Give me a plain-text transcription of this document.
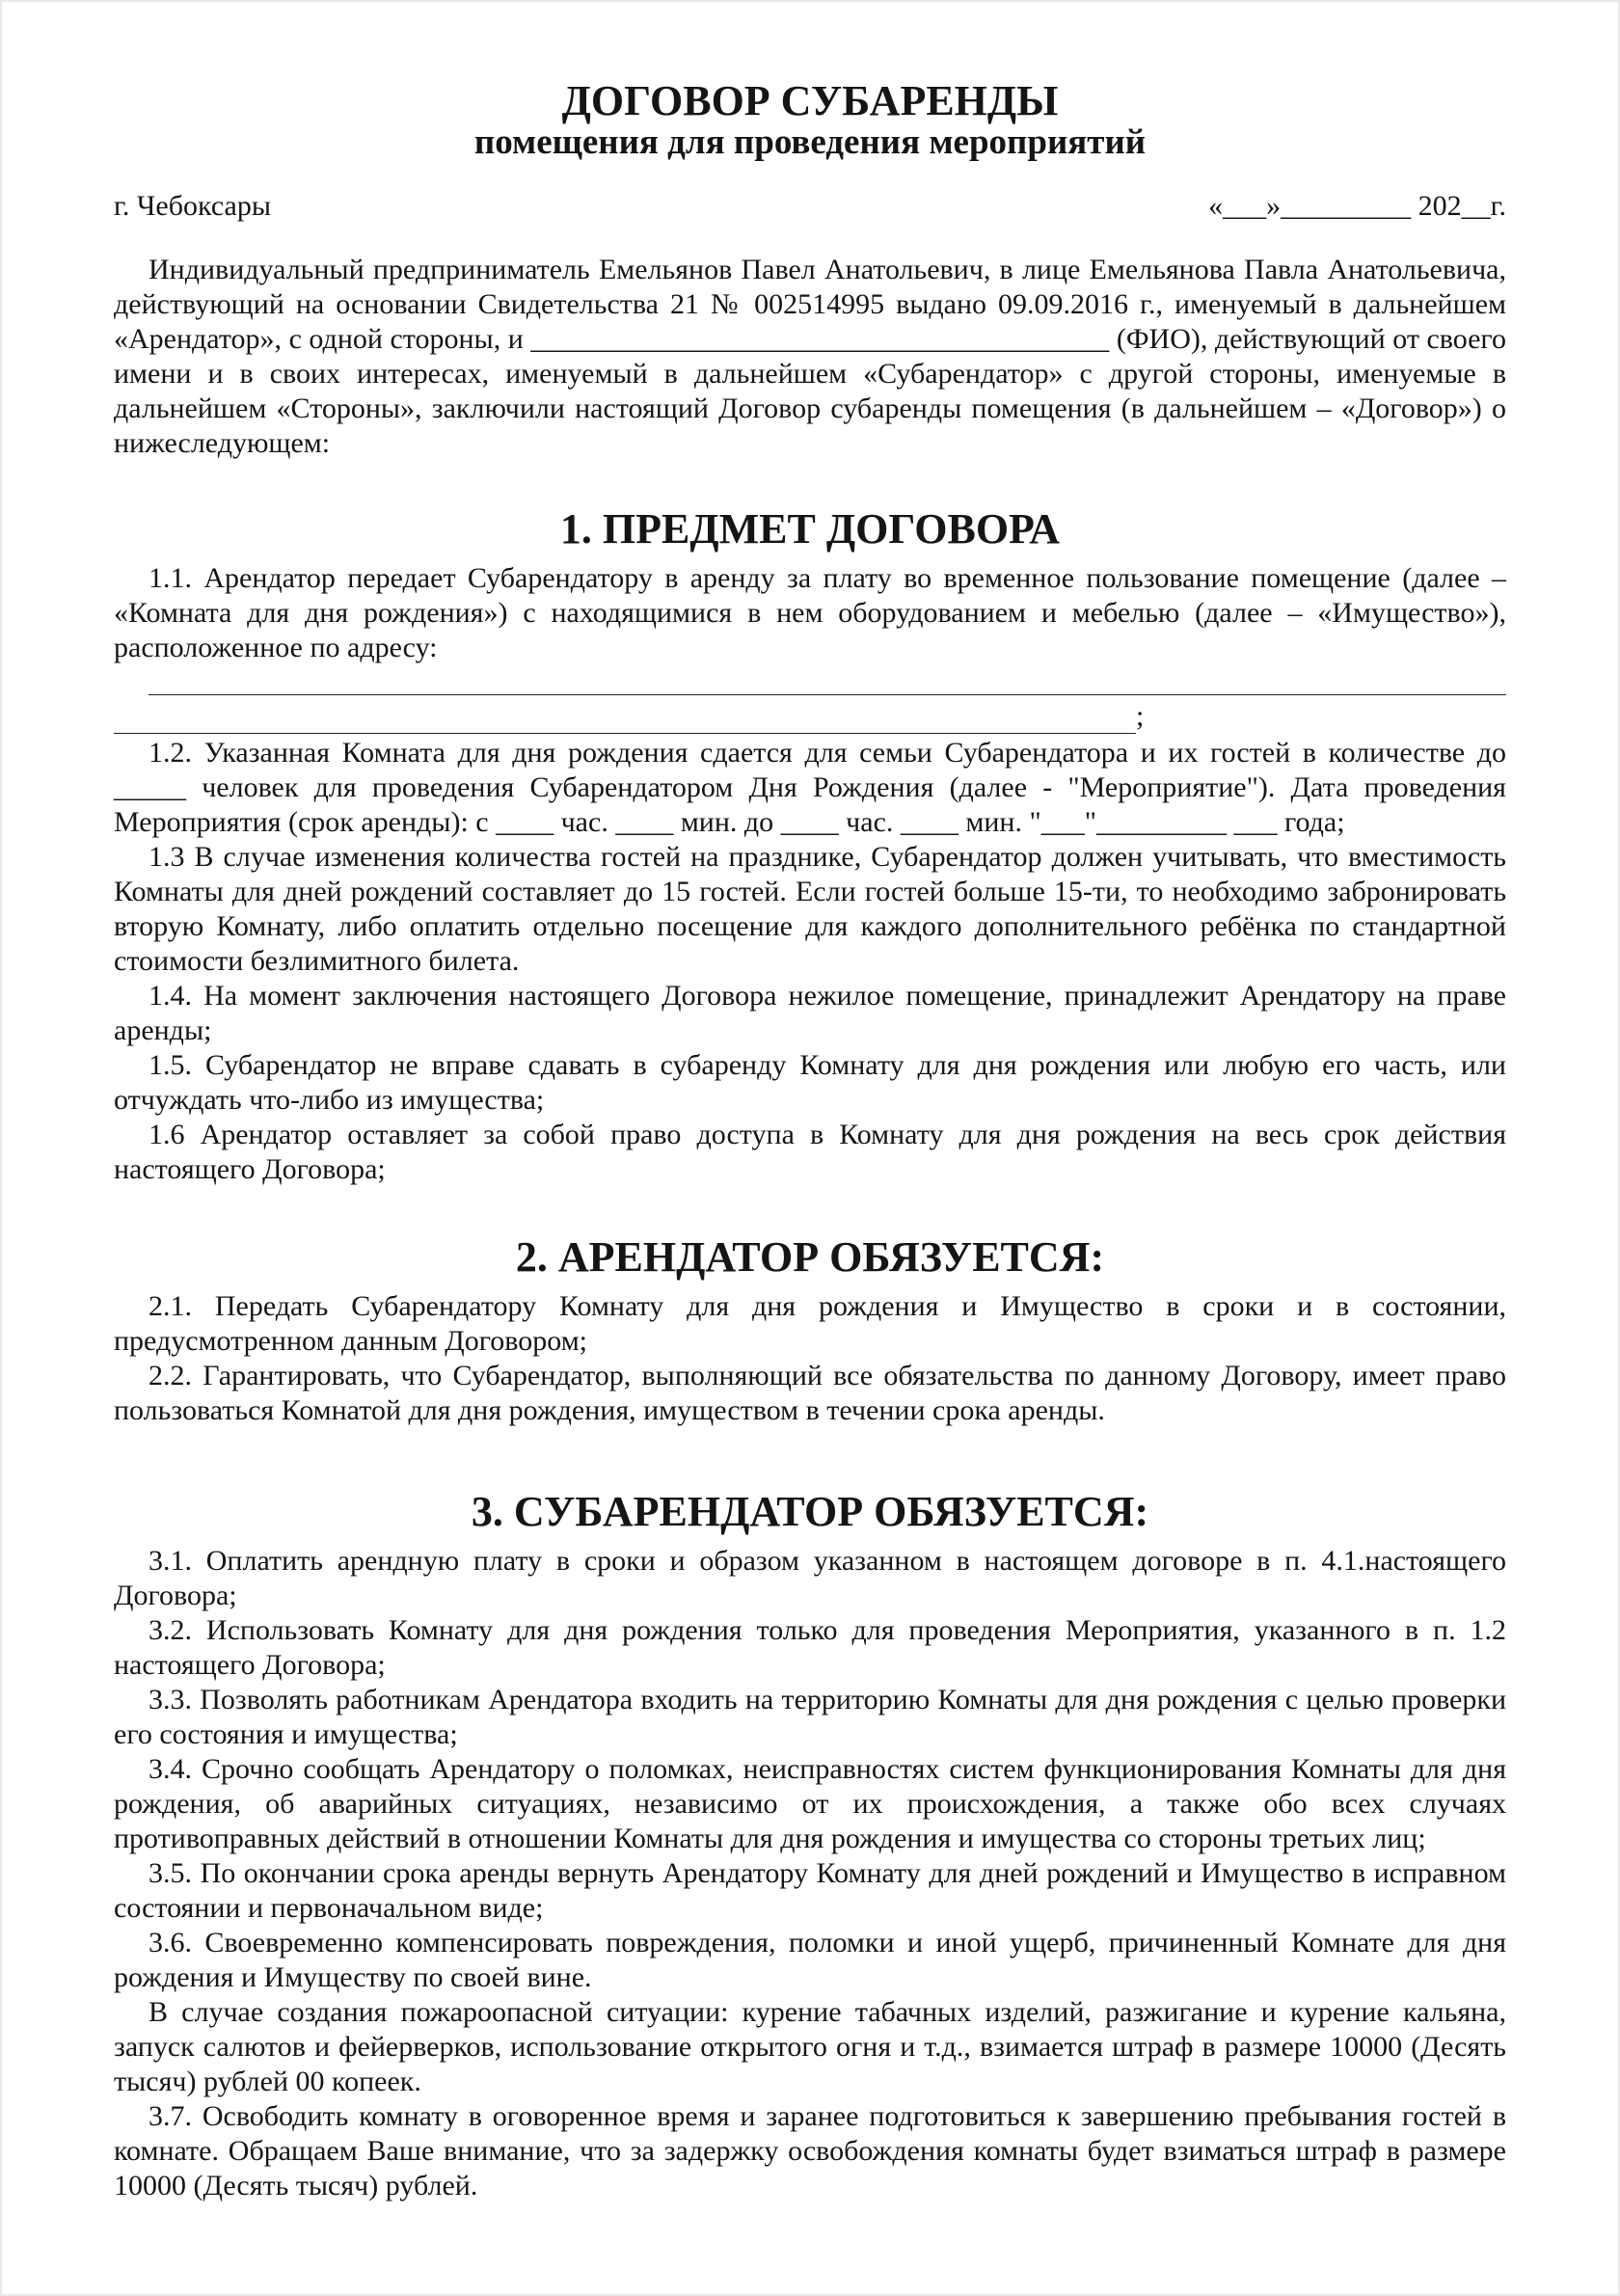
ДОГОВОР СУБАРЕНДЫ
помещения для проведения мероприятий
г. Чебоксары	«___»_________ 202__г.

Индивидуальный предприниматель Емельянов Павел Анатольевич, в лице Емельянова Павла Анатольевича, действующий на основании Свидетельства 21 № 002514995 выдано 09.09.2016 г., именуемый в дальнейшем «Арендатор», с одной стороны, и ________________________________________ (ФИО), действующий от своего имени и в своих интересах, именуемый в дальнейшем «Субарендатор» с другой стороны, именуемые в дальнейшем «Стороны», заключили настоящий Договор субаренды помещения (в дальнейшем – «Договор») о нижеследующем:

1. ПРЕДМЕТ ДОГОВОРА

1.1. Арендатор передает Субарендатору в аренду за плату во временное пользование помещение (далее – «Комната для дня рождения») с находящимися в нем оборудованием и мебелью (далее – «Имущество»), расположенное по адресу:

;

1.2. Указанная Комната для дня рождения сдается для семьи Субарендатора и их гостей в количестве до _____ человек для проведения Субарендатором Дня Рождения (далее - "Мероприятие"). Дата проведения Мероприятия (срок аренды): с ____ час. ____ мин. до ____ час. ____ мин. "___"_________ ___ года;

1.3 В случае изменения количества гостей на празднике, Субарендатор должен учитывать, что вместимость Комнаты для дней рождений составляет до 15 гостей. Если гостей больше 15-ти, то необходимо забронировать вторую Комнату, либо оплатить отдельно посещение для каждого дополнительного ребёнка по стандартной стоимости безлимитного билета.

1.4. На момент заключения настоящего Договора нежилое помещение, принадлежит Арендатору на праве аренды;

1.5. Субарендатор не вправе сдавать в субаренду Комнату для дня рождения или любую его часть, или отчуждать что-либо из имущества;

1.6 Арендатор оставляет за собой право доступа в Комнату для дня рождения на весь срок действия настоящего Договора;

2. АРЕНДАТОР ОБЯЗУЕТСЯ:

2.1. Передать Субарендатору Комнату для дня рождения и Имущество в сроки и в состоянии, предусмотренном данным Договором;

2.2. Гарантировать, что Субарендатор, выполняющий все обязательства по данному Договору, имеет право пользоваться Комнатой для дня рождения, имуществом в течении срока аренды.

3. СУБАРЕНДАТОР ОБЯЗУЕТСЯ:

3.1. Оплатить арендную плату в сроки и образом указанном в настоящем договоре в п. 4.1.настоящего Договора;

3.2. Использовать Комнату для дня рождения только для проведения Мероприятия, указанного в п. 1.2 настоящего Договора;

3.3. Позволять работникам Арендатора входить на территорию Комнаты для дня рождения с целью проверки его состояния и имущества;

3.4. Срочно сообщать Арендатору о поломках, неисправностях систем функционирования Комнаты для дня рождения, об аварийных ситуациях, независимо от их происхождения, а также обо всех случаях противоправных действий в отношении Комнаты для дня рождения и имущества со стороны третьих лиц;

3.5. По окончании срока аренды вернуть Арендатору Комнату для дней рождений и Имущество в исправном состоянии и первоначальном виде;

3.6. Своевременно компенсировать повреждения, поломки и иной ущерб, причиненный Комнате для дня рождения и Имуществу по своей вине.

В случае создания пожароопасной ситуации: курение табачных изделий, разжигание и курение кальяна, запуск салютов и фейерверков, использование открытого огня и т.д., взимается штраф в размере 10000 (Десять тысяч) рублей 00 копеек.

3.7. Освободить комнату в оговоренное время и заранее подготовиться к завершению пребывания гостей в комнате. Обращаем Ваше внимание, что за задержку освобождения комнаты будет взиматься штраф в размере 10000 (Десять тысяч) рублей.
